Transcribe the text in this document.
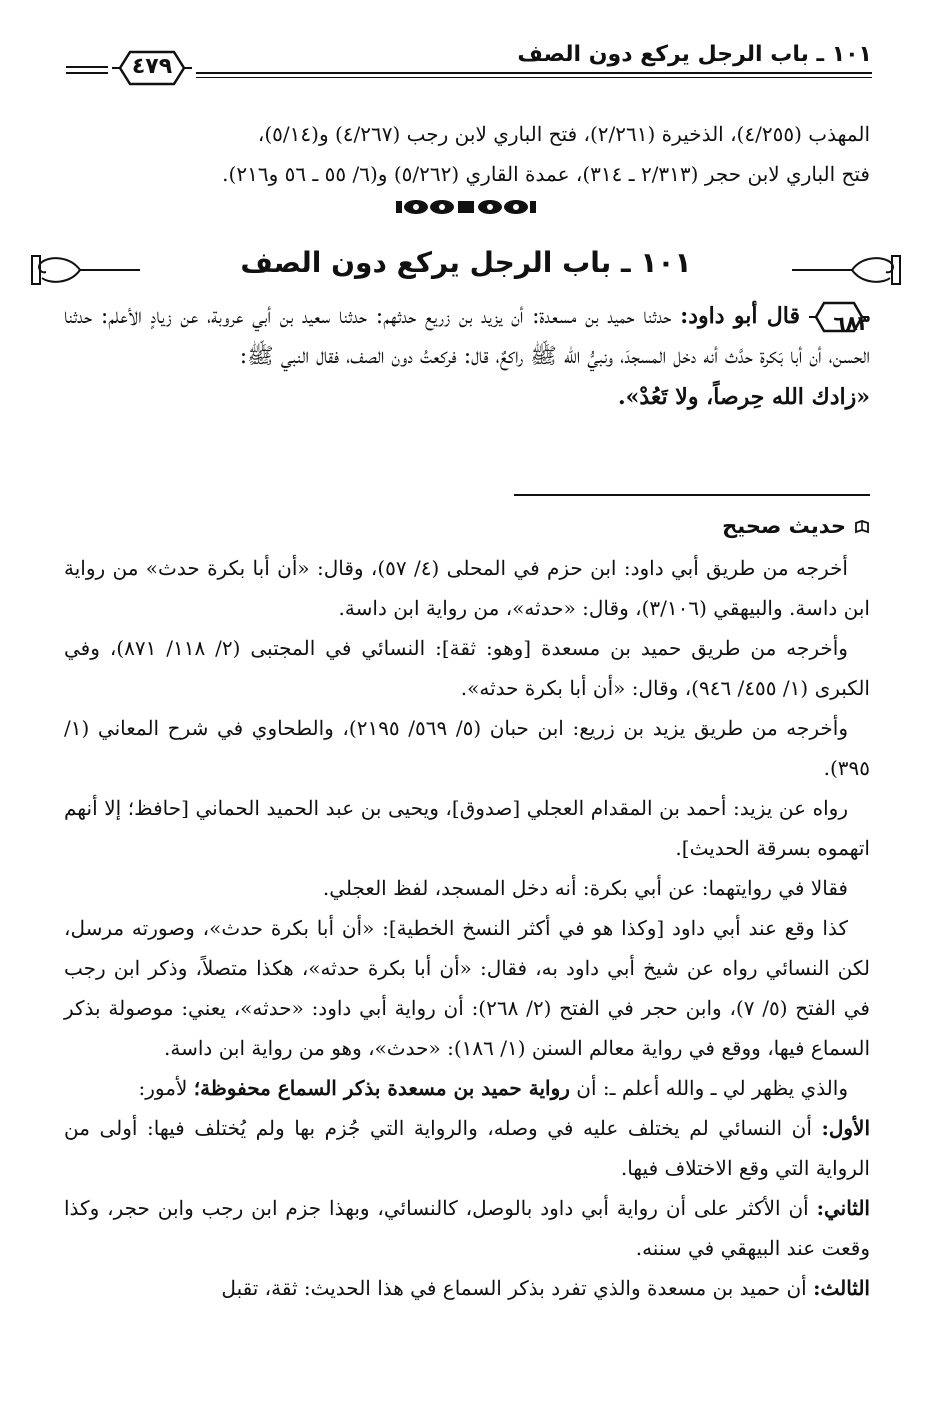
١٠١ ـ باب الرجل يركع دون الصف
٤٧٩

المهذب (٤/٢٥٥)، الذخيرة (٢/٢٦١)، فتح الباري لابن رجب (٤/٢٦٧) و(٥/١٤)،

فتح الباري لابن حجر (٢/٣١٣ ـ ٣١٤)، عمدة القاري (٥/٢٦٢) و(٦/ ٥٥ ـ ٥٦ و٢١٦).

١٠١ ـ باب الرجل يركع دون الصف

٦٨٣
قال أبو داود: حدثنا حميد بن مسعدة: أن يزيد بن زريع حدثهم: حدثنا سعيد بن أبي عروبة، عن زيادٍ الأعلم: حدثنا الحسن، أن أبا بَكرة حدَّث أنه دخل المسجدَ، ونبيُّ الله ﷺ راكعٌ، قال: فركعتُ دون الصف، فقال النبي ﷺ:
«زادك الله حِرصاً، ولا تَعُدْ».

حديث صحيح

أخرجه من طريق أبي داود: ابن حزم في المحلى (٤/ ٥٧)، وقال: «أن أبا بكرة حدث» من رواية ابن داسة. والبيهقي (٣/١٠٦)، وقال: «حدثه»، من رواية ابن داسة.

وأخرجه من طريق حميد بن مسعدة [وهو: ثقة]: النسائي في المجتبى (٢/ ١١٨/ ٨٧١)، وفي الكبرى (١/ ٤٥٥/ ٩٤٦)، وقال: «أن أبا بكرة حدثه».

وأخرجه من طريق يزيد بن زريع: ابن حبان (٥/ ٥٦٩/ ٢١٩٥)، والطحاوي في شرح المعاني (١/ ٣٩٥).

رواه عن يزيد: أحمد بن المقدام العجلي [صدوق]، ويحيى بن عبد الحميد الحماني [حافظ؛ إلا أنهم اتهموه بسرقة الحديث].

فقالا في روايتهما: عن أبي بكرة: أنه دخل المسجد، لفظ العجلي.

كذا وقع عند أبي داود [وكذا هو في أكثر النسخ الخطية]: «أن أبا بكرة حدث»، وصورته مرسل، لكن النسائي رواه عن شيخ أبي داود به، فقال: «أن أبا بكرة حدثه»، هكذا متصلاً، وذكر ابن رجب في الفتح (٥/ ٧)، وابن حجر في الفتح (٢/ ٢٦٨): أن رواية أبي داود: «حدثه»، يعني: موصولة بذكر السماع فيها، ووقع في رواية معالم السنن (١/ ١٨٦): «حدث»، وهو من رواية ابن داسة.

والذي يظهر لي ـ والله أعلم ـ: أن رواية حميد بن مسعدة بذكر السماع محفوظة؛ لأمور:

الأول: أن النسائي لم يختلف عليه في وصله، والرواية التي جُزم بها ولم يُختلف فيها: أولى من الرواية التي وقع الاختلاف فيها.

الثاني: أن الأكثر على أن رواية أبي داود بالوصل، كالنسائي، وبهذا جزم ابن رجب وابن حجر، وكذا وقعت عند البيهقي في سننه.

الثالث: أن حميد بن مسعدة والذي تفرد بذكر السماع في هذا الحديث: ثقة، تقبل
